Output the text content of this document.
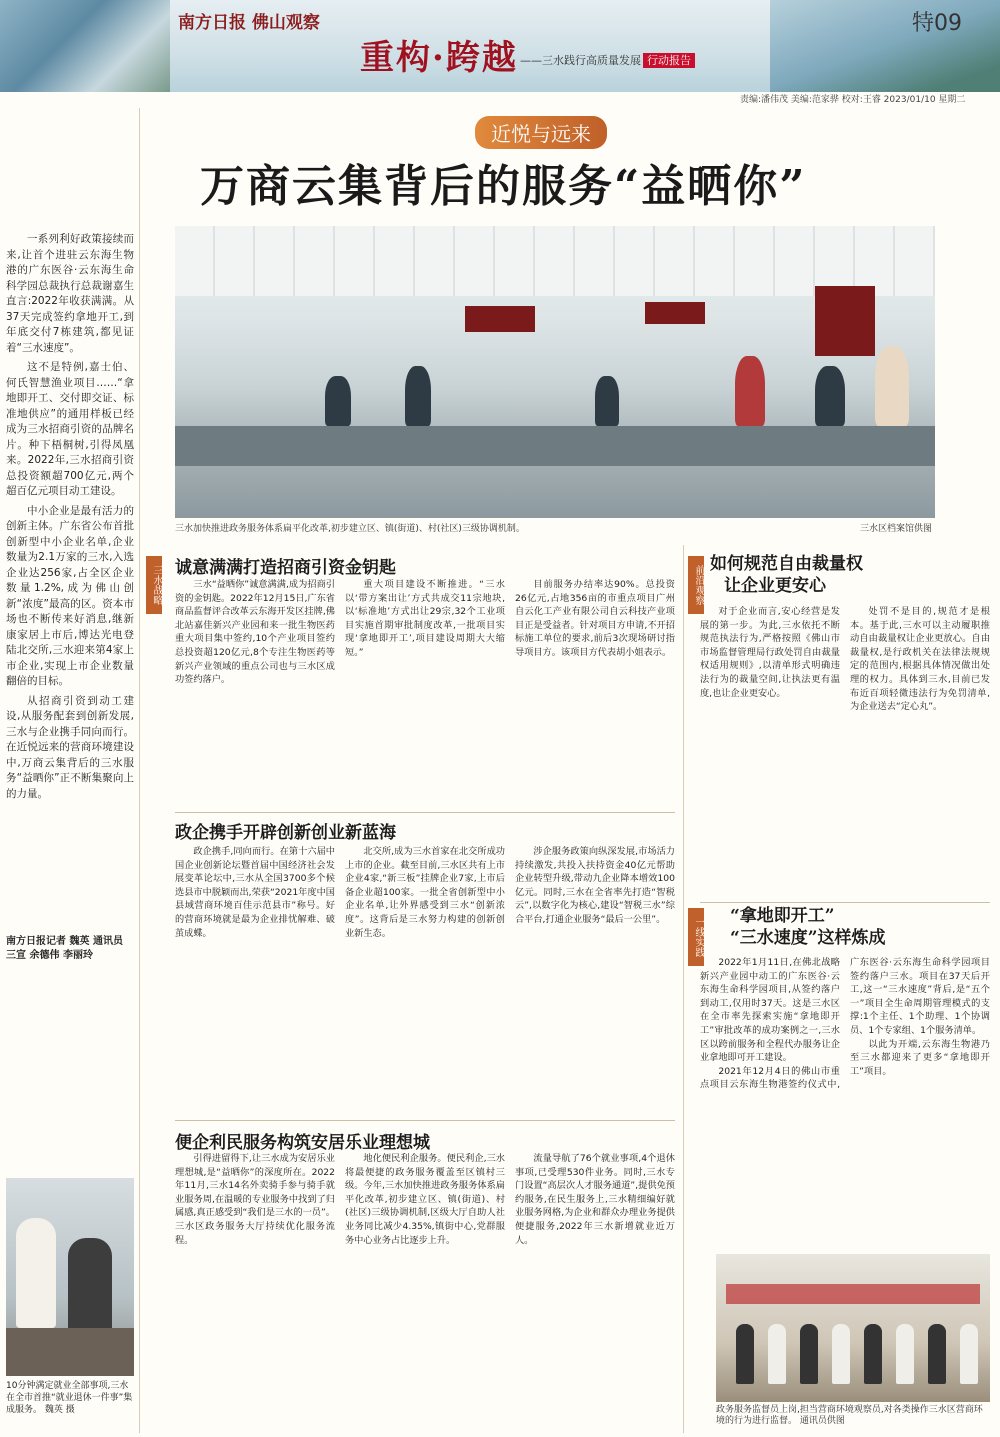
南方日报 佛山观察
重构·跨越 ——三水践行高质量发展 行动报告
特09
责编:潘伟茂 美编:范家骅 校对:王睿 2023/01/10 星期二

一系列利好政策接续而来,让首个进驻云东海生物港的广东医谷·云东海生命科学园总裁执行总裁谢嘉生直言:2022年收获满满。从37天完成签约拿地开工,到年底交付7栋建筑,都见证着“三水速度”。

这不是特例,嘉士伯、何氏智慧渔业项目……“拿地即开工、交付即交证、标准地供应”的通用样板已经成为三水招商引资的品牌名片。种下梧桐树,引得凤凰来。2022年,三水招商引资总投资额超700亿元,两个超百亿元项目动工建设。

中小企业是最有活力的创新主体。广东省公布首批创新型中小企业名单,企业数量为2.1万家的三水,入选企业达256家,占全区企业数量1.2%,成为佛山创新“浓度”最高的区。资本市场也不断传来好消息,继新康家居上市后,博达光电登陆北交所,三水迎来第4家上市企业,实现上市企业数量翻倍的目标。

从招商引资到动工建设,从服务配套到创新发展,三水与企业携手同向而行。在近悦远来的营商环境建设中,万商云集背后的三水服务“益晒你”正不断集聚向上的力量。

南方日报记者 魏英 通讯员 三宣 余德伟 李丽玲
10分钟满定就业全部事项,三水在全市首推“就业退休一件事”集成服务。 魏英 摄
近悦与远来
万商云集背后的服务“益晒你”
三水加快推进政务服务体系扁平化改革,初步建立区、镇(街道)、村(社区)三级协调机制。	三水区档案馆供图
三水战略 诚意满满打造招商引资金钥匙

三水“益晒你”诚意满满,成为招商引资的金钥匙。2022年12月15日,广东省商品监督评合改革云东海开发区挂牌,佛北站嘉佳新兴产业园和来一批生物医药重大项目集中签约,10个产业项目签约总投资超120亿元,8个专注生物医药等新兴产业领域的重点公司也与三水区成功签约落户。

重大项目建设不断推进。“三水以‘带方案出让’方式共成交11宗地块,以‘标准地’方式出让29宗,32个工业项目实施首期审批制度改革,一批项目实现‘拿地即开工’,项目建设周期大大缩短。”

目前服务办结率达90%。总投资26亿元,占地356亩的市重点项目广州自云化工产业有限公司自云科技产业项目正是受益者。针对项目方申请,不开招标施工单位的要求,前后3次现场研讨指导项目方。该项目方代表胡小姐表示。

政企携手开辟创新创业新蓝海

政企携手,同向而行。在第十六届中国企业创新论坛暨首届中国经济社会发展变革论坛中,三水从全国3700多个候选县市中脱颖而出,荣获“2021年度中国县域营商环境百佳示范县市”称号。好的营商环境就是最为企业排忧解难、破茧成蝶。

北交所,成为三水首家在北交所成功上市的企业。截至目前,三水区共有上市企业4家,“新三板”挂牌企业7家,上市后备企业超100家。一批全省创新型中小企业名单,让外界感受到三水“创新浓度”。这背后是三水努力构建的创新创业新生态。

涉企服务政策向纵深发展,市场活力持续激发,共投入扶持资金40亿元帮助企业转型升级,带动九企业降本增效100亿元。同时,三水在全省率先打造“智税云”,以数字化为核心,建设“智税三水”综合平台,打通企业服务“最后一公里”。

便企利民服务构筑安居乐业理想城

引得进留得下,让三水成为安居乐业理想城,是“益晒你”的深度所在。2022年11月,三水14名外卖骑手参与骑手就业服务周,在温暖的专业服务中找到了归属感,真正感受到“我们是三水的一员”。三水区政务服务大厅持续优化服务流程。

地化便民利企服务。便民利企,三水将最便捷的政务服务覆盖至区镇村三级。今年,三水加快推进政务服务体系扁平化改革,初步建立区、镇(街道)、村(社区)三级协调机制,区级大厅自助人社业务同比减少4.35%,镇街中心,党群服务中心业务占比逐步上升。

流量导航了76个就业事项,4个退休事项,已受理530件业务。同时,三水专门设置“高层次人才服务通道”,提供免预约服务,在民生服务上,三水精细编好就业服务网格,为企业和群众办理业务提供便捷服务,2022年三水新增就业近万人。

前沿观察
如何规范自由裁量权
让企业更安心

对于企业而言,安心经营是发展的第一步。为此,三水依托不断规范执法行为,严格按照《佛山市市场监督管理局行政处罚自由裁量权适用规则》,以清单形式明确违法行为的裁量空间,让执法更有温度,也让企业更安心。

处罚不是目的,规范才是根本。基于此,三水可以主动履职推动自由裁量权让企业更放心。自由裁量权,是行政机关在法律法规规定的范围内,根据具体情况做出处理的权力。具体到三水,目前已发布近百项轻微违法行为免罚清单,为企业送去“定心丸”。

一线实践
“拿地即开工”
“三水速度”这样炼成

2022年1月11日,在佛北战略新兴产业园中动工的广东医谷·云东海生命科学园项目,从签约落户到动工,仅用时37天。这是三水区在全市率先探索实施“拿地即开工”审批改革的成功案例之一,三水区以跨前服务和全程代办服务让企业拿地即可开工建设。

2021年12月4日的佛山市重点项目云东海生物港签约仪式中,广东医谷·云东海生命科学园项目签约落户三水。项目在37天后开工,这一“三水速度”背后,是“五个一”项目全生命周期管理模式的支撑:1个主任、1个助理、1个协调员、1个专家组、1个服务清单。

以此为开端,云东海生物港乃至三水都迎来了更多“拿地即开工”项目。

政务服务监督员上岗,担当营商环境观察员,对各类操作三水区营商环境的行为进行监督。 通讯员供图
